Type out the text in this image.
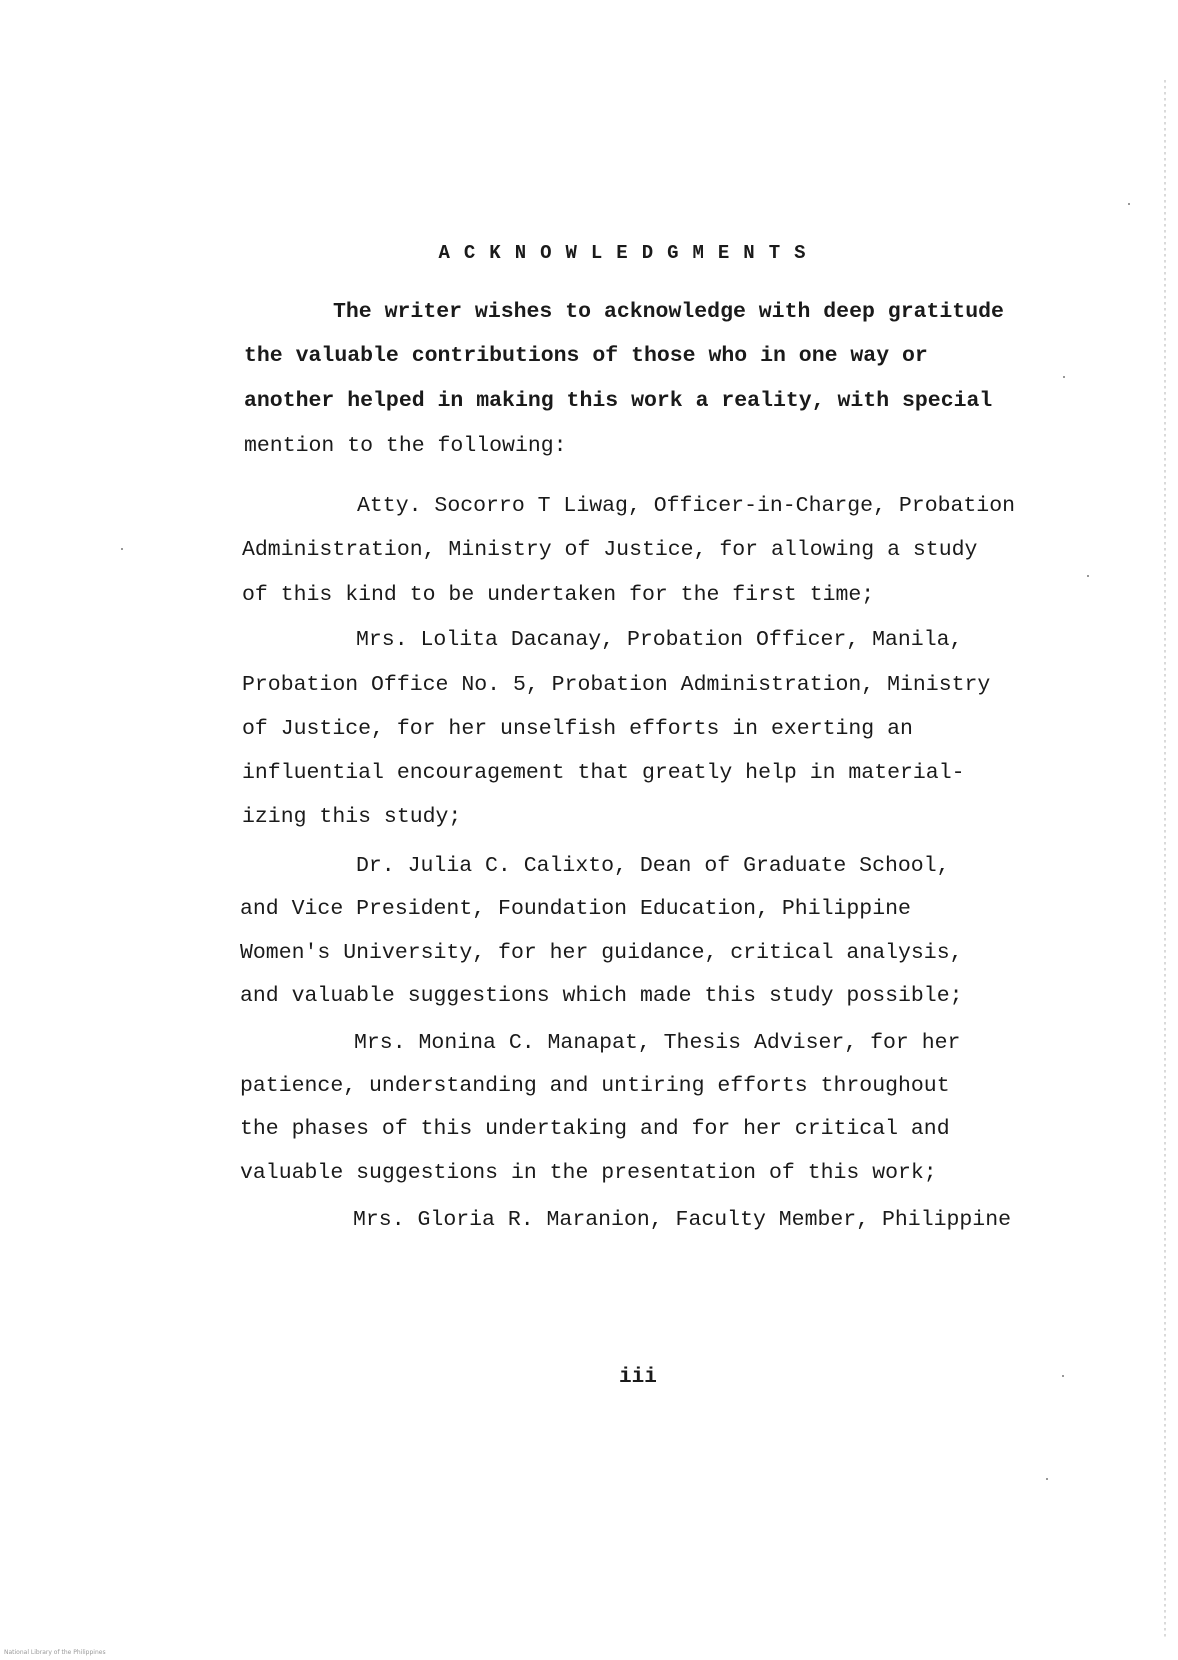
ACKNOWLEDGMENTS
The writer wishes to acknowledge with deep gratitude
the valuable contributions of those who in one way or
another helped in making this work a reality, with special
mention to the following:
Atty. Socorro T Liwag, Officer-in-Charge, Probation
Administration, Ministry of Justice, for allowing a study
of this kind to be undertaken for the first time;
Mrs. Lolita Dacanay, Probation Officer, Manila,
Probation Office No. 5, Probation Administration, Ministry
of Justice, for her unselfish efforts in exerting an
influential encouragement that greatly help in material-
izing this study;
Dr. Julia C. Calixto, Dean of Graduate School,
and Vice President, Foundation Education, Philippine
Women's University, for her guidance, critical analysis,
and valuable suggestions which made this study possible;
Mrs. Monina C. Manapat, Thesis Adviser, for her
patience, understanding and untiring efforts throughout
the phases of this undertaking and for her critical and
valuable suggestions in the presentation of this work;
Mrs. Gloria R. Maranion, Faculty Member, Philippine
iii
National Library of the Philippines
